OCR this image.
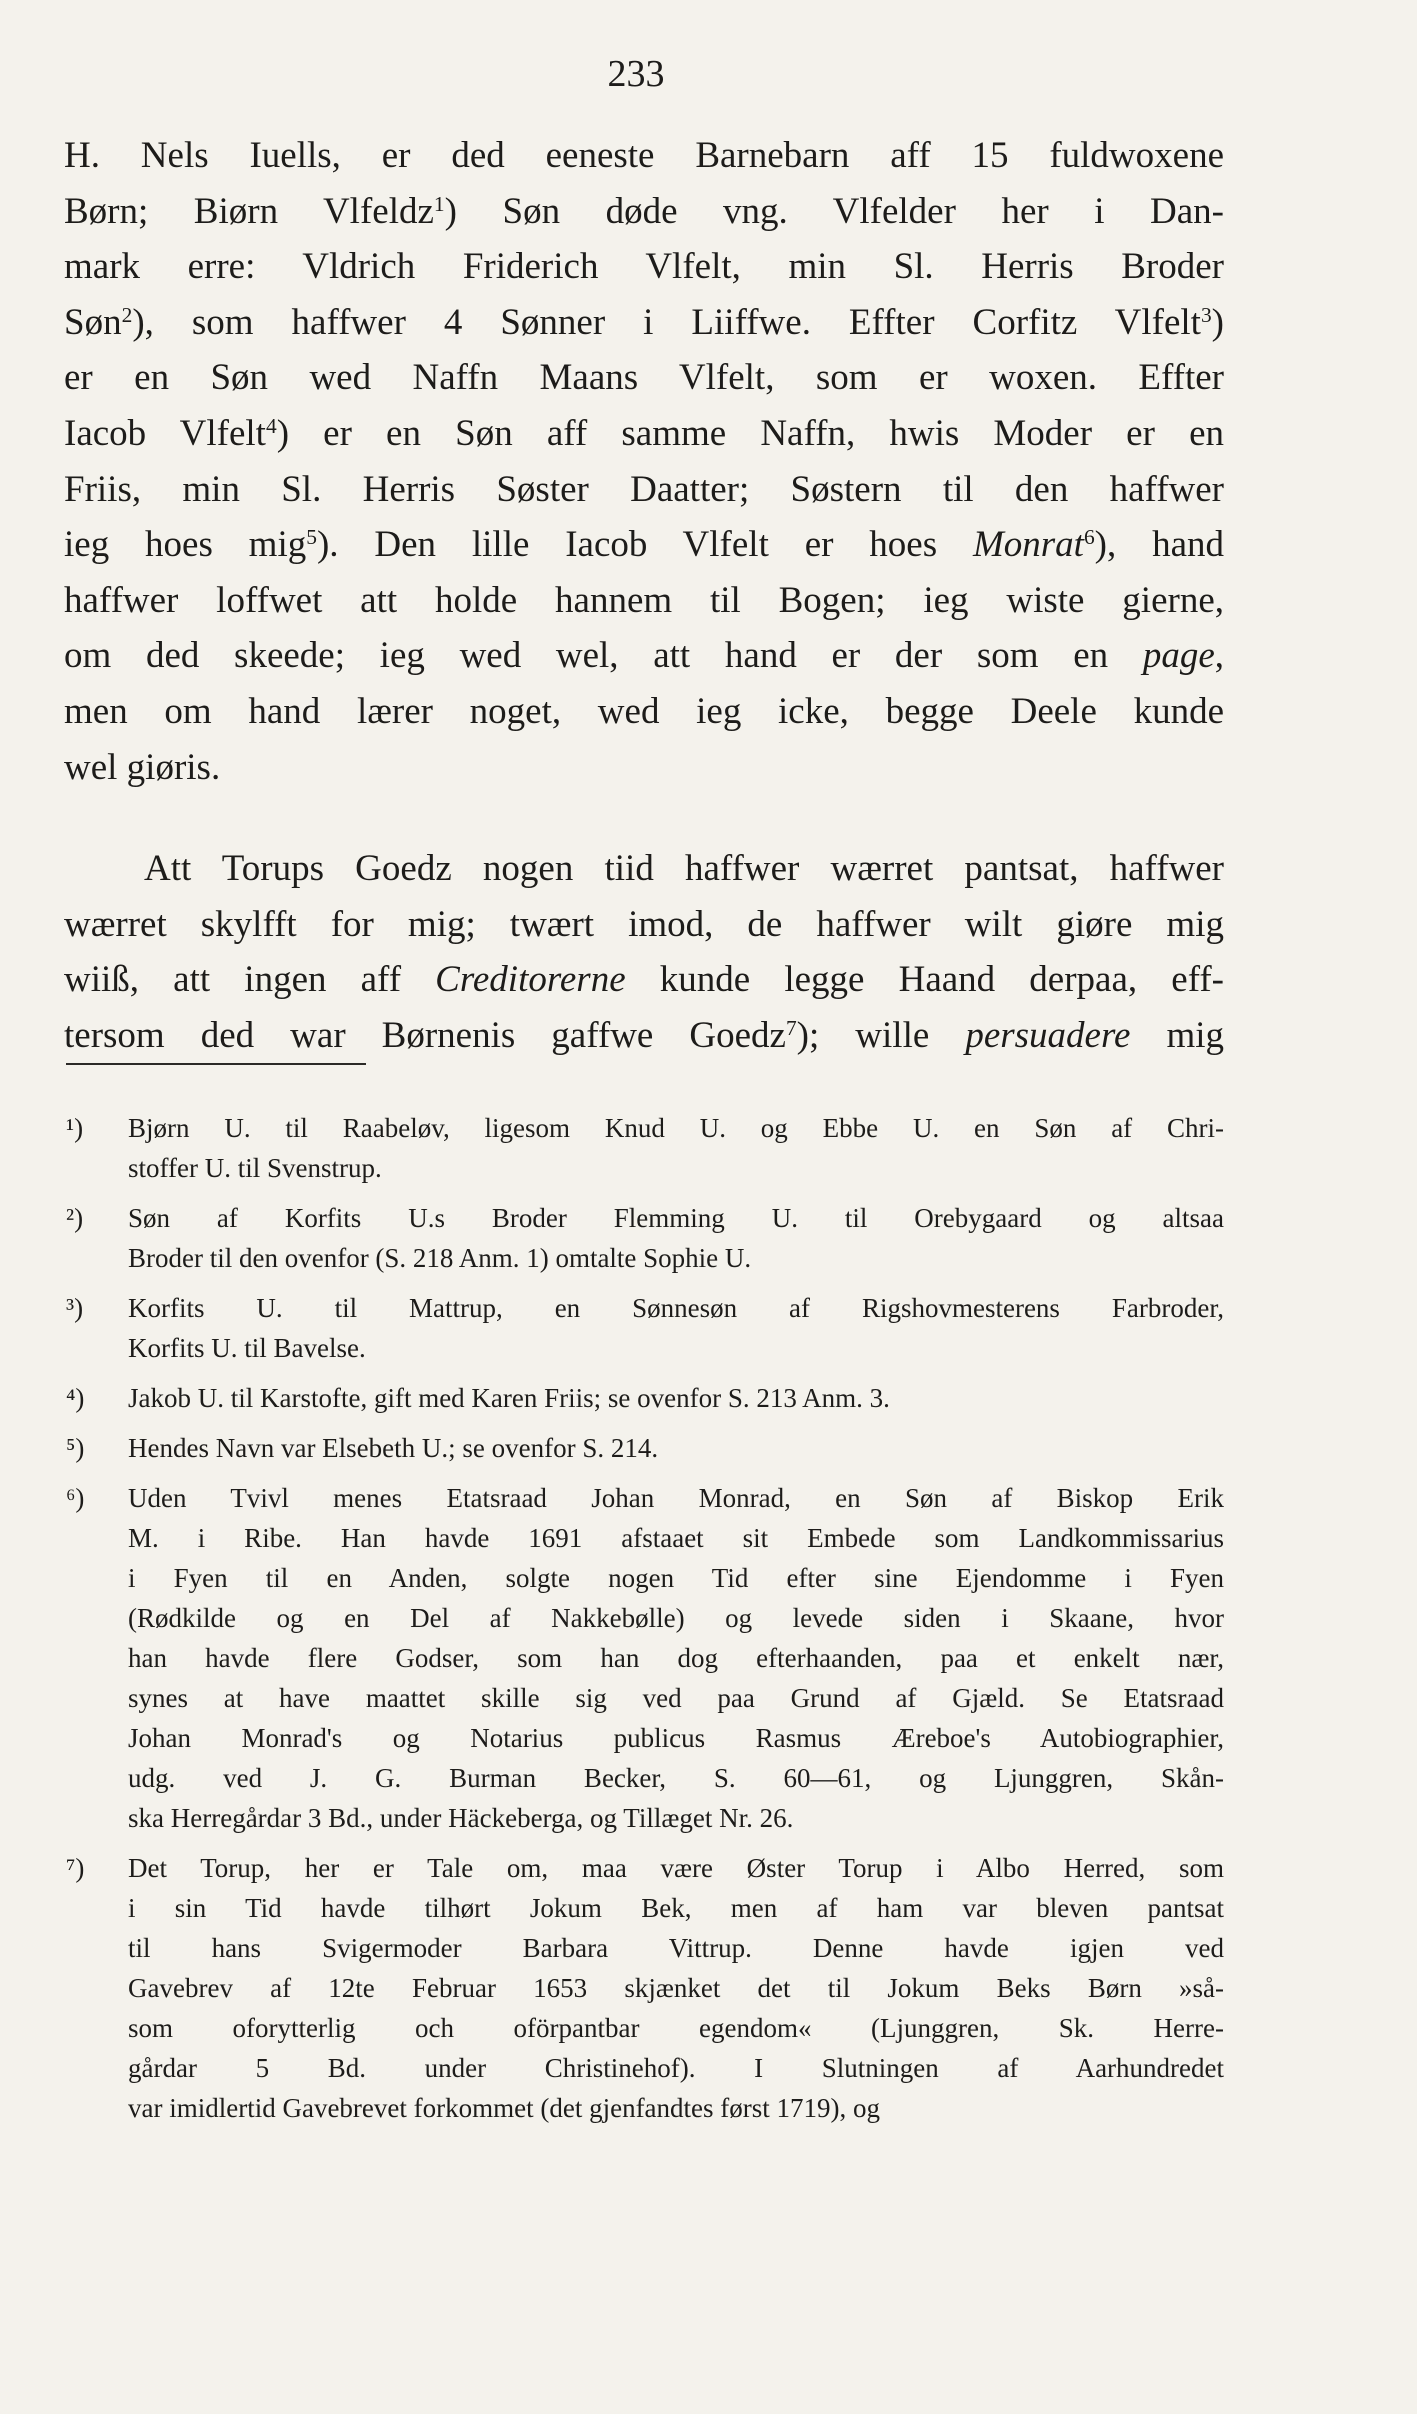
233
H. Nels Iuells, er ded eeneste Barnebarn aff 15 fuldwoxene
Børn; Biørn Vlfeldz$^1$) Søn døde vng. Vlfelder her i Dan-
mark erre: Vldrich Friderich Vlfelt, min Sl. Herris Broder
Søn$^2$), som haffwer 4 Sønner i Liiffwe. Effter Corfitz Vlfelt$^3$)
er en Søn wed Naffn Maans Vlfelt, som er woxen. Effter
Iacob Vlfelt$^4$) er en Søn aff samme Naffn, hwis Moder er en
Friis, min Sl. Herris Søster Daatter; Søstern til den haffwer
ieg hoes mig$^5$). Den lille Iacob Vlfelt er hoes Monrat$^6$), hand
haffwer loffwet att holde hannem til Bogen; ieg wiste gierne,
om ded skeede; ieg wed wel, att hand er der som en page,
men om hand lærer noget, wed ieg icke, begge Deele kunde
wel giøris.
Att Torups Goedz nogen tiid haffwer wærret pantsat, haffwer
wærret skylfft for mig; twært imod, de haffwer wilt giøre mig
wiiß, att ingen aff Creditorerne kunde legge Haand derpaa, eff-
tersom ded war Børnenis gaffwe Goedz$^7$); wille persuadere mig
¹) Bjørn U. til Raabeløv, ligesom Knud U. og Ebbe U. en Søn af Chri-
stoffer U. til Svenstrup.
²) Søn af Korfits U.s Broder Flemming U. til Orebygaard og altsaa
Broder til den ovenfor (S. 218 Anm. 1) omtalte Sophie U.
³) Korfits U. til Mattrup, en Sønnesøn af Rigshovmesterens Farbroder,
Korfits U. til Bavelse.
⁴) Jakob U. til Karstofte, gift med Karen Friis; se ovenfor S. 213 Anm. 3.
⁵) Hendes Navn var Elsebeth U.; se ovenfor S. 214.
⁶) Uden Tvivl menes Etatsraad Johan Monrad, en Søn af Biskop Erik
M. i Ribe. Han havde 1691 afstaaet sit Embede som Landkommissarius
i Fyen til en Anden, solgte nogen Tid efter sine Ejendomme i Fyen
(Rødkilde og en Del af Nakkebølle) og levede siden i Skaane, hvor
han havde flere Godser, som han dog efterhaanden, paa et enkelt nær,
synes at have maattet skille sig ved paa Grund af Gjæld. Se Etatsraad
Johan Monrad's og Notarius publicus Rasmus Æreboe's Autobiographier,
udg. ved J. G. Burman Becker, S. 60—61, og Ljunggren, Skån-
ska Herregårdar 3 Bd., under Häckeberga, og Tillæget Nr. 26.
⁷) Det Torup, her er Tale om, maa være Øster Torup i Albo Herred, som
i sin Tid havde tilhørt Jokum Bek, men af ham var bleven pantsat
til hans Svigermoder Barbara Vittrup. Denne havde igjen ved
Gavebrev af 12te Februar 1653 skjænket det til Jokum Beks Børn »så-
som oforytterlig och oförpantbar egendom« (Ljunggren, Sk. Herre-
gårdar 5 Bd. under Christinehof). I Slutningen af Aarhundredet
var imidlertid Gavebrevet forkommet (det gjenfandtes først 1719), og
